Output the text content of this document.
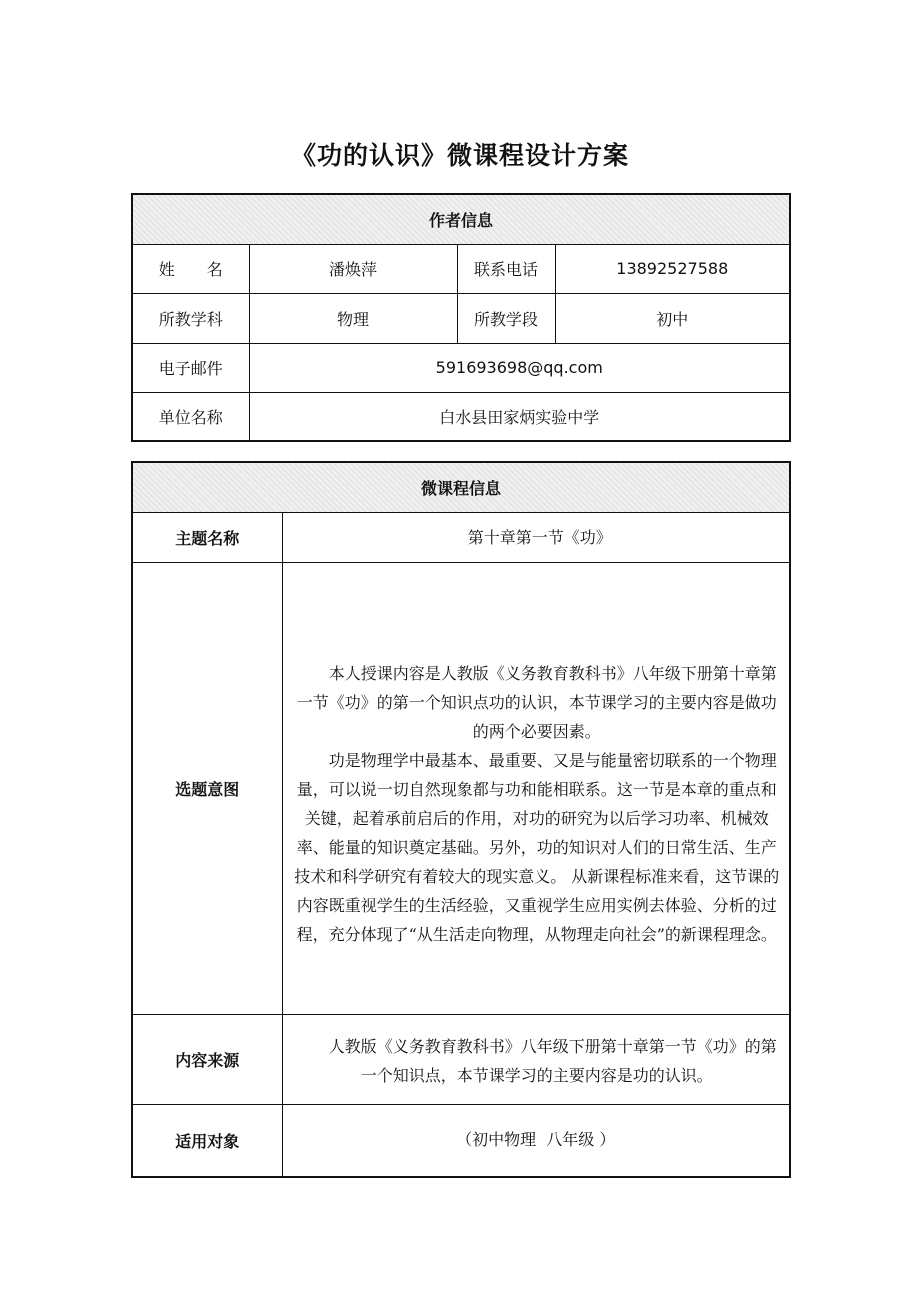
《功的认识》微课程设计方案
作者信息			
姓　　名	潘焕萍	联系电话	13892527588
所教学科	物理	所教学段	初中
电子邮件	591693698@qq.com		
单位名称	白水县田家炳实验中学		
微课程信息	
主题名称	第十章第一节《功》
选题意图	本人授课内容是人教版《义务教育教科书》八年级下册第十章第一节《功》的第一个知识点功的认识，本节课学习的主要内容是做功的两个必要因素。

功是物理学中最基本、最重要、又是与能量密切联系的一个物理量，可以说一切自然现象都与功和能相联系。这一节是本章的重点和关键，起着承前启后的作用，对功的研究为以后学习功率、机械效率、能量的知识奠定基础。另外，功的知识对人们的日常生活、生产技术和科学研究有着较大的现实意义。 从新课程标准来看，这节课的内容既重视学生的生活经验，又重视学生应用实例去体验、分析的过程，充分体现了“从生活走向物理，从物理走向社会”的新课程理念。

内容来源	人教版《义务教育教科书》八年级下册第十章第一节《功》的第一个知识点，本节课学习的主要内容是功的认识。

适用对象	（初中物理  八年级 ）
